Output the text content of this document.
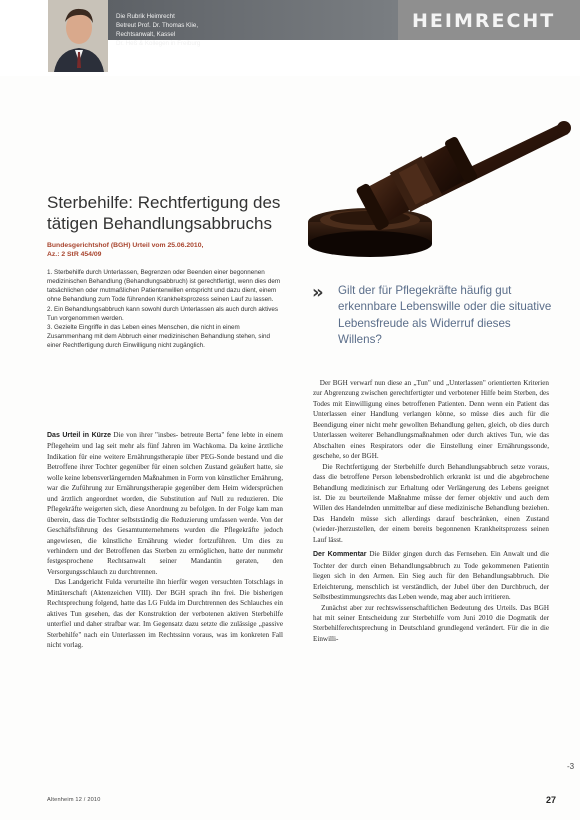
Die Rubrik Heimrecht
Betreut Prof. Dr. Thomas Klie,
Rechtsanwalt, Kassel
Dr. Heß & Kollegen in Freiburg
HEIMRECHT
Sterbehilfe: Rechtfertigung des
tätigen Behandlungsabbruchs
Bundesgerichtshof (BGH) Urteil vom 25.06.2010,
Az.: 2 StR 454/09

1. Sterbehilfe durch Unterlassen, Begrenzen oder Beenden einer begonnenen medizinischen Behandlung (Behandlungsabbruch) ist gerechtfertigt, wenn dies dem tatsächlichen oder mutmaßlichen Patientenwillen entspricht und dazu dient, einem ohne Behandlung zum Tode führenden Krankheitsprozess seinen Lauf zu lassen.

2. Ein Behandlungsabbruch kann sowohl durch Unterlassen als auch durch aktives Tun vorgenommen werden.

3. Gezielte Eingriffe in das Leben eines Menschen, die nicht in einem Zusammenhang mit dem Abbruch einer medizinischen Behandlung stehen, sind einer Rechtfertigung durch Einwilligung nicht zugänglich.

Das Urteil in Kürze Die von ihrer "insbes- betreute Berta" fene lebte in einem Pflegeheim und lag seit mehr als fünf Jahren im Wachkoma. Da keine ärztliche Indikation für eine weitere Ernährungstherapie über PEG-Sonde bestand und die Betroffene ihrer Tochter gegenüber für einen solchen Zustand geäußert hatte, sie wolle keine lebensverlängernden Maßnahmen in Form von künstlicher Ernährung, war die Zuführung zur Ernährungstherapie gegenüber dem Heim widersprüchen und ärztlich angeordnet worden, die Substitution auf Null zu reduzieren. Die Pflegekräfte weigerten sich, diese Anordnung zu befolgen. In der Folge kam man überein, dass die Tochter selbstständig die Reduzierung umfassen werde. Von der Geschäftsführung des Gesamtunternehmens wurden die Pflegekräfte jedoch angewiesen, die künstliche Ernährung wieder fortzuführen. Um dies zu verhindern und der Betroffenen das Sterben zu ermöglichen, hatte der nunmehr festgesprochene Rechtsanwalt seiner Mandantin geraten, den Versorgungsschlauch zu durchtrennen.

Das Landgericht Fulda verurteilte ihn hierfür wegen versuchten Totschlags in Mittäterschaft (Aktenzeichen VIII). Der BGH sprach ihn frei. Die bisherigen Rechtsprechung folgend, hatte das LG Fulda im Durchtrennen des Schlauches ein aktives Tun gesehen, das der Konstruktion der verbotenen aktiven Sterbehilfe unterfiel und daher strafbar war. Im Gegensatz dazu setzte die zulässige „passive Sterbehilfe" nach ein Unterlassen im Rechtssinn voraus, was im konkreten Fall nicht vorlag.

» Gilt der für Pflegekräfte häufig gut erkennbare Lebenswille oder die situative Lebensfreude als Widerruf dieses Willens?

Der BGH verwarf nun diese an „Tun" und „Unterlassen" orientierten Kriterien zur Abgrenzung zwischen gerechtfertigter und verbotener Hilfe beim Sterben, des Todes mit Einwilligung eines betroffenen Patienten. Denn wenn ein Patient das Unterlassen einer Handlung verlangen könne, so müsse dies auch für die Beendigung einer nicht mehr gewollten Behandlung gelten, gleich, ob dies durch Unterlassen weiterer Behandlungsmaßnahmen oder durch aktives Tun, wie das Abschalten eines Respirators oder die Einstellung einer Ernährungssonde, geschehe, so der BGH.

Die Rechtfertigung der Sterbehilfe durch Behandlungsabbruch setze voraus, dass die betroffene Person lebensbedrohlich erkrankt ist und die abgebrochene Behandlung medizinisch zur Erhaltung oder Verlängerung des Lebens geeignet ist. Die zu beurteilende Maßnahme müsse der ferner objektiv und auch dem Willen des Handelnden unmittelbar auf diese medizinische Behandlung beziehen. Das Handeln müsse sich allerdings darauf beschränken, einen Zustand (wieder-)herzustellen, der einem bereits begonnenen Krankheitsprozess seinen Lauf lässt.

Der Kommentar Die Bilder gingen durch das Fernsehen. Ein Anwalt und die Tochter der durch einen Behandlungsabbruch zu Tode gekommenen Patientin liegen sich in den Armen. Ein Sieg auch für den Behandlungsabbruch. Die Erleichterung, menschlich ist verständlich, der Jubel über den Durchbruch, der Selbstbestimmungsrechts das Leben wende, mag aber auch irritieren.

Zunächst aber zur rechtswissenschaftlichen Bedeutung des Urteils. Das BGH hat mit seiner Entscheidung zur Sterbehilfe vom Juni 2010 die Dogmatik der Sterbehilferechtsprechung in Deutschland grundlegend verändert. Für die in die Einwilli-

-3
Altenheim 12 / 2010	27
